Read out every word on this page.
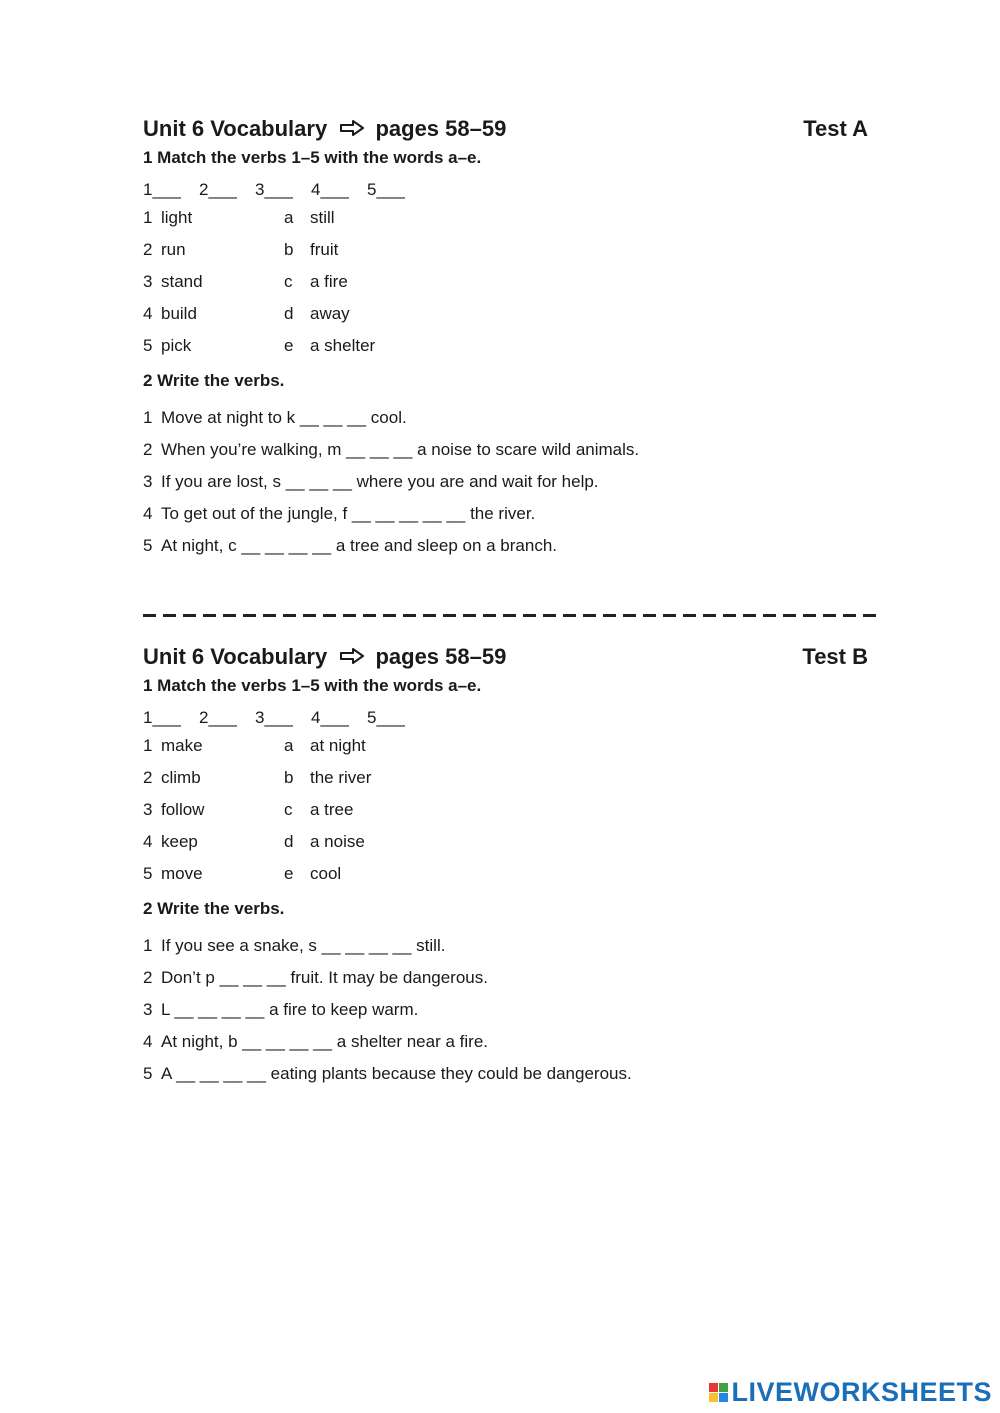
Unit 6 Vocabulary pages 58–59	Test A
1 Match the verbs 1–5 with the words a–e.
1___ 2___ 3___ 4___ 5___
1 light	a still
2 run	b fruit
3 stand	c	a fire
4 build	d away
5 pick	e a shelter
2 Write the verbs.
1 Move at night to k __ __ __ cool.
2 When you’re walking, m __ __ __ a noise to scare wild animals.
3 If you are lost, s __ __ __ where you are and wait for help.
4 To get out of the jungle, f __ __ __ __ __ the river.
5 At night, c __ __ __ __ a tree and sleep on a branch.
Unit 6 Vocabulary pages 58–59	Test B
1 Match the verbs 1–5 with the words a–e.
1___ 2___ 3___ 4___ 5___
1 make	a at night
2 climb	b the river
3 follow	c	a tree
4 keep	d a noise
5 move	e cool
2 Write the verbs.
1 If you see a snake, s __ __ __ __ still.
2 Don’t p __ __ __ fruit. It may be dangerous.
3 L __ __ __ __ a fire to keep warm.
4 At night, b __ __ __ __ a shelter near a fire.
5 A __ __ __ __ eating plants because they could be dangerous.
LIVEWORKSHEETS
